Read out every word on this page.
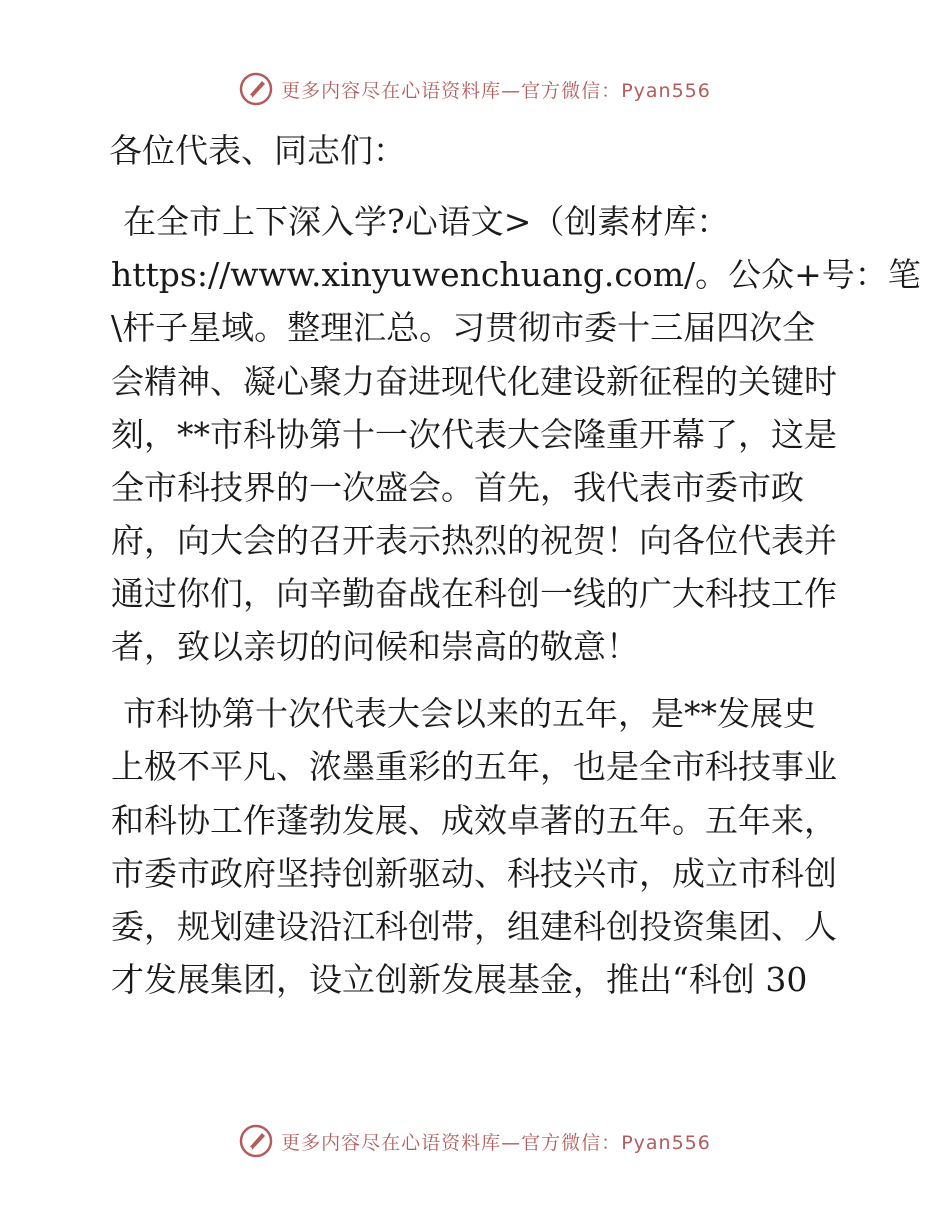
更多内容尽在心语资料库—官方微信：Pyan556

各位代表、同志们：

在全市上下深入学?心语文>（创素材库：
https://www.xinyuwenchuang.com/。公众+号：笔
\杆子星域。整理汇总。习贯彻市委十三届四次全
会精神、凝心聚力奋进现代化建设新征程的关键时
刻，**市科协第十一次代表大会隆重开幕了，这是
全市科技界的一次盛会。首先，我代表市委市政
府，向大会的召开表示热烈的祝贺！向各位代表并
通过你们，向辛勤奋战在科创一线的广大科技工作
者，致以亲切的问候和崇高的敬意！

市科协第十次代表大会以来的五年，是**发展史
上极不平凡、浓墨重彩的五年，也是全市科技事业
和科协工作蓬勃发展、成效卓著的五年。五年来，
市委市政府坚持创新驱动、科技兴市，成立市科创
委，规划建设沿江科创带，组建科创投资集团、人
才发展集团，设立创新发展基金，推出“科创 30

更多内容尽在心语资料库—官方微信：Pyan556
